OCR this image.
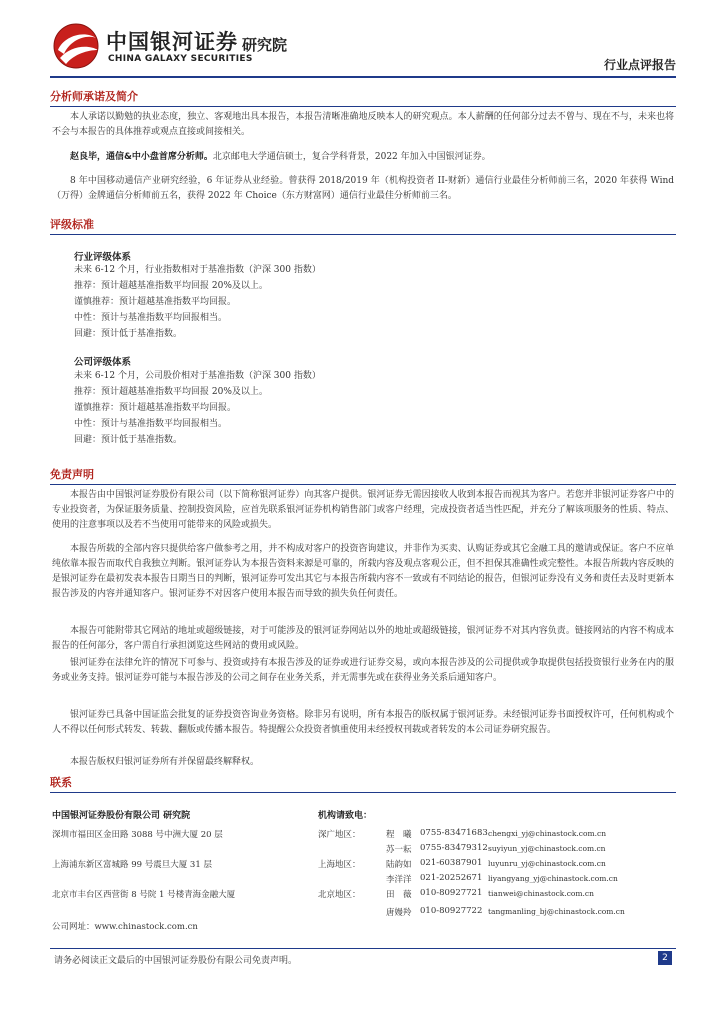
中国银河证券
CHINA GALAXY SECURITIES
研究院
行业点评报告
分析师承诺及简介
本人承诺以勤勉的执业态度，独立、客观地出具本报告，本报告清晰准确地反映本人的研究观点。本人薪酬的任何部分过去不曾与、现在不与，未来也将不会与本报告的具体推荐或观点直接或间接相关。
赵良毕，通信&中小盘首席分析师。北京邮电大学通信硕士，复合学科背景，2022 年加入中国银河证券。
8 年中国移动通信产业研究经验，6 年证券从业经验。曾获得 2018/2019 年（机构投资者 II-财新）通信行业最佳分析师前三名，2020 年获得 Wind（万得）金牌通信分析师前五名，获得 2022 年 Choice（东方财富网）通信行业最佳分析师前三名。
评级标准
行业评级体系
未来 6-12 个月，行业指数相对于基准指数（沪深 300 指数）
推荐：预计超越基准指数平均回报 20%及以上。
谨慎推荐：预计超越基准指数平均回报。
中性：预计与基准指数平均回报相当。
回避：预计低于基准指数。
公司评级体系
未来 6-12 个月，公司股价相对于基准指数（沪深 300 指数）
推荐：预计超越基准指数平均回报 20%及以上。
谨慎推荐：预计超越基准指数平均回报。
中性：预计与基准指数平均回报相当。
回避：预计低于基准指数。
免责声明
本报告由中国银河证券股份有限公司（以下简称银河证券）向其客户提供。银河证券无需因接收人收到本报告而视其为客户。若您并非银河证券客户中的专业投资者，为保证服务质量、控制投资风险，应首先联系银河证券机构销售部门或客户经理，完成投资者适当性匹配，并充分了解该项服务的性质、特点、使用的注意事项以及若不当使用可能带来的风险或损失。
本报告所载的全部内容只提供给客户做参考之用，并不构成对客户的投资咨询建议，并非作为买卖、认购证券或其它金融工具的邀请或保证。客户不应单纯依靠本报告而取代自我独立判断。银河证券认为本报告资料来源是可靠的，所载内容及观点客观公正，但不担保其准确性或完整性。本报告所载内容反映的是银河证券在最初发表本报告日期当日的判断，银河证券可发出其它与本报告所载内容不一致或有不同结论的报告，但银河证券没有义务和责任去及时更新本报告涉及的内容并通知客户。银河证券不对因客户使用本报告而导致的损失负任何责任。
本报告可能附带其它网站的地址或超级链接，对于可能涉及的银河证券网站以外的地址或超级链接，银河证券不对其内容负责。链接网站的内容不构成本报告的任何部分，客户需自行承担浏览这些网站的费用或风险。
银河证券在法律允许的情况下可参与、投资或持有本报告涉及的证券或进行证券交易，或向本报告涉及的公司提供或争取提供包括投资银行业务在内的服务或业务支持。银河证券可能与本报告涉及的公司之间存在业务关系，并无需事先或在获得业务关系后通知客户。
银河证券已具备中国证监会批复的证券投资咨询业务资格。除非另有说明，所有本报告的版权属于银河证券。未经银河证券书面授权许可，任何机构或个人不得以任何形式转发、转载、翻版或传播本报告。特提醒公众投资者慎重使用未经授权刊载或者转发的本公司证券研究报告。
本报告版权归银河证券所有并保留最终解释权。
联系
中国银河证券股份有限公司 研究院	机构请致电：
深圳市福田区金田路 3088 号中洲大厦 20 层
上海浦东新区富城路 99 号震旦大厦 31 层
北京市丰台区西营街 8 号院 1 号楼青海金融大厦
深广地区：
上海地区：
北京地区：
程　曦 0755-83471683 chengxi_yj@chinastock.com.cn
苏一耘 0755-83479312 suyiyun_yj@chinastock.com.cn
陆韵如 021-60387901 luyunru_yj@chinastock.com.cn
李洋洋 021-20252671 liyangyang_yj@chinastock.com.cn
田　薇 010-80927721 tianwei@chinastock.com.cn
唐嫚羚 010-80927722 tangmanling_bj@chinastock.com.cn
公司网址：www.chinastock.com.cn
请务必阅读正文最后的中国银河证券股份有限公司免责声明。	2
